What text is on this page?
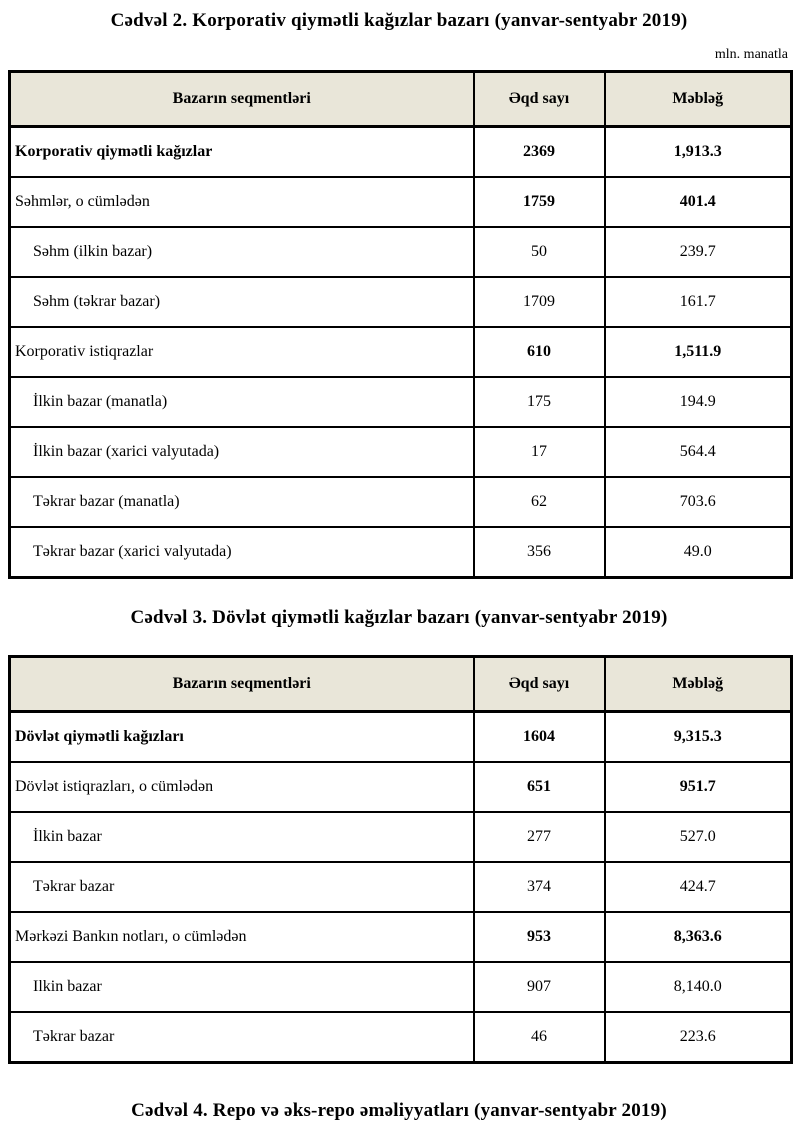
Cədvəl 2. Korporativ qiymətli kağızlar bazarı (yanvar-sentyabr 2019)
mln. manatla
Bazarın seqmentləri	Əqd sayı	Məbləğ
Korporativ qiymətli kağızlar	2369	1,913.3
Səhmlər, o cümlədən	1759	401.4
Səhm (ilkin bazar)	50	239.7
Səhm (təkrar bazar)	1709	161.7
Korporativ istiqrazlar	610	1,511.9
İlkin bazar (manatla)	175	194.9
İlkin bazar (xarici valyutada)	17	564.4
Təkrar bazar (manatla)	62	703.6
Təkrar bazar (xarici valyutada)	356	49.0
Cədvəl 3. Dövlət qiymətli kağızlar bazarı (yanvar-sentyabr 2019)
Bazarın seqmentləri	Əqd sayı	Məbləğ
Dövlət qiymətli kağızları	1604	9,315.3
Dövlət istiqrazları, o cümlədən	651	951.7
İlkin bazar	277	527.0
Təkrar bazar	374	424.7
Mərkəzi Bankın notları, o cümlədən	953	8,363.6
Ilkin bazar	907	8,140.0
Təkrar bazar	46	223.6
Cədvəl 4. Repo və əks-repo əməliyyatları (yanvar-sentyabr 2019)
